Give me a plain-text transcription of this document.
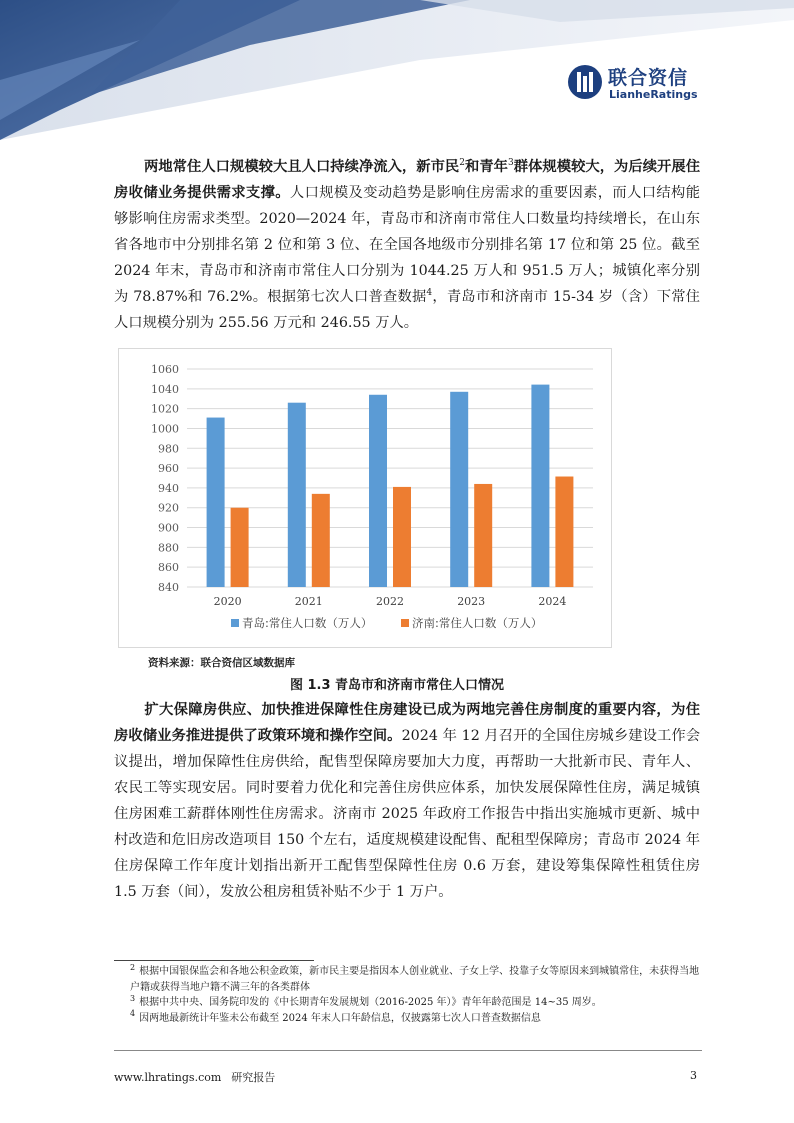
联合资信
LianheRatings
两地常住人口规模较大且人口持续净流入，新市民$^2$和青年$^3$群体规模较大，为后续开展住房收储业务提供需求支撑。人口规模及变动趋势是影响住房需求的重要因素，而人口结构能够影响住房需求类型。2020—2024 年，青岛市和济南市常住人口数量均持续增长，在山东省各地市中分别排名第 2 位和第 3 位、在全国各地级市分别排名第 17 位和第 25 位。截至 2024 年末，青岛市和济南市常住人口分别为 1044.25 万人和 951.5 万人；城镇化率分别为 78.87%和 76.2%。根据第七次人口普查数据$^4$，青岛市和济南市 15-34 岁（含）下常住人口规模分别为 255.56 万元和 246.55 万人。
840
860
880
900
920
940
960
980
1000
1020
1040
1060
2020	2021	2022	2023	2024
青岛:常住人口数（万人）	济南:常住人口数（万人）
资料来源：联合资信区域数据库
图 1.3 青岛市和济南市常住人口情况
扩大保障房供应、加快推进保障性住房建设已成为两地完善住房制度的重要内容，为住房收储业务推进提供了政策环境和操作空间。2024 年 12 月召开的全国住房城乡建设工作会议提出，增加保障性住房供给，配售型保障房要加大力度，再帮助一大批新市民、青年人、农民工等实现安居。同时要着力优化和完善住房供应体系，加快发展保障性住房，满足城镇住房困难工薪群体刚性住房需求。济南市 2025 年政府工作报告中指出实施城市更新、城中村改造和危旧房改造项目 150 个左右，适度规模建设配售、配租型保障房；青岛市 2024 年住房保障工作年度计划指出新开工配售型保障性住房 0.6 万套，建设筹集保障性租赁住房 1.5 万套（间），发放公租房租赁补贴不少于 1 万户。

$^2$ 根据中国银保监会和各地公积金政策，新市民主要是指因本人创业就业、子女上学、投靠子女等原因来到城镇常住，未获得当地户籍或获得当地户籍不满三年的各类群体

$^3$ 根据中共中央、国务院印发的《中长期青年发展规划（2016-2025 年）》青年年龄范围是 14~35 周岁。

$^4$ 因两地最新统计年鉴未公布截至 2024 年末人口年龄信息，仅披露第七次人口普查数据信息

www.lhratings.com 研究报告	3
